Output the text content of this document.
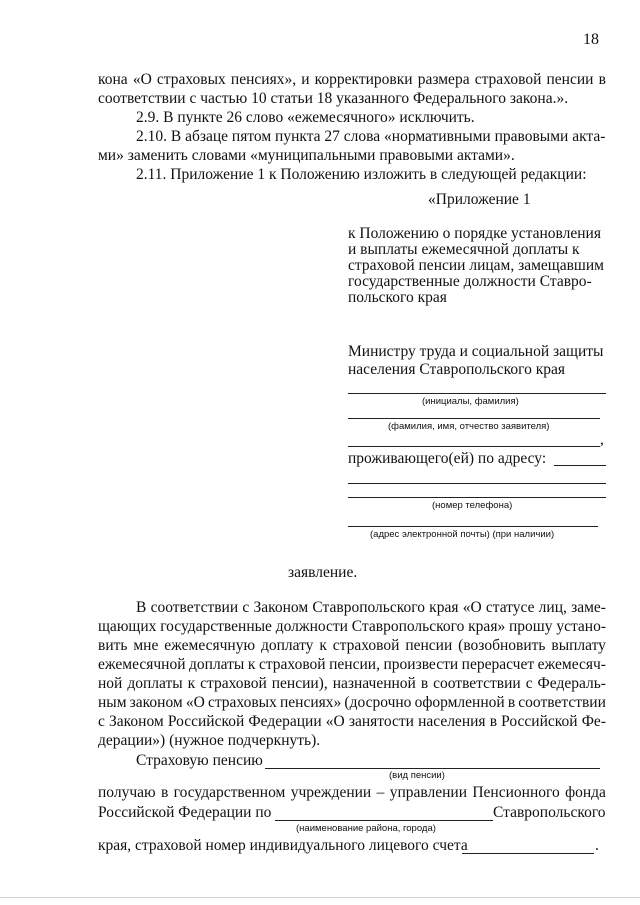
18
кона «О страховых пенсиях», и корректировки размера страховой пенсии в
соответствии с частью 10 статьи 18 указанного Федерального закона.».
2.9. В пункте 26 слово «ежемесячного» исключить.
2.10. В абзаце пятом пункта 27 слова «нормативными правовыми акта-
ми» заменить словами «муниципальными правовыми актами».
2.11. Приложение 1 к Положению изложить в следующей редакции:
«Приложение 1
к Положению о порядке установления
и выплаты ежемесячной доплаты к
страховой пенсии лицам, замещавшим
государственные должности Ставро-
польского края
Министру труда и социальной защиты
населения Ставропольского края
(инициалы, фамилия)
(фамилия, имя, отчество заявителя)
,
проживающего(ей) по адресу:
(номер телефона)
(адрес электронной почты) (при наличии)
заявление.
В соответствии с Законом Ставропольского края «О статусе лиц, заме-
щающих государственные должности Ставропольского края» прошу устано-
вить мне ежемесячную доплату к страховой пенсии (возобновить выплату
ежемесячной доплаты к страховой пенсии, произвести перерасчет ежемесяч-
ной доплаты к страховой пенсии), назначенной в соответствии с Федераль-
ным законом «О страховых пенсиях» (досрочно оформленной в соответствии
с Законом Российской Федерации «О занятости населения в Российской Фе-
дерации») (нужное подчеркнуть).
Страховую пенсию
(вид пенсии)
получаю в государственном учреждении – управлении Пенсионного фонда
Российской Федерации по	Ставропольского
(наименование района, города)
края, страховой номер индивидуального лицевого счета	.
